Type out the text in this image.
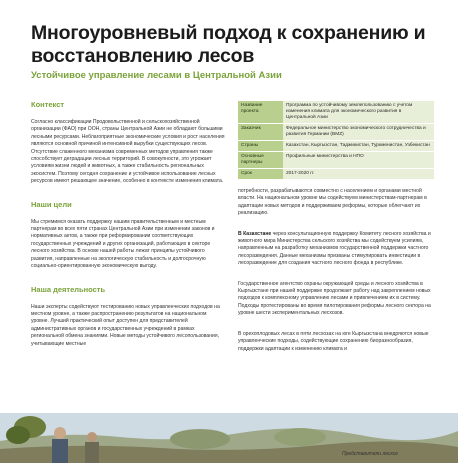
Многоуровневый подход к сохранению и восстановлению лесов
Устойчивое управление лесами в Центральной Азии
Контекст
Согласно классификации Продовольственной и сельскохозяйственной организации (ФАО) при ООН, страны Центральной Азии не обладают большими лесными ресурсами. Неблагоприятные экономические условия и рост населения являются основной причиной интенсивной вырубки существующих лесов. Отсутствие слаженного механизма современных методов управления также способствует деградации лесных территорий. В совокупности, это угрожает условиям жизни людей и животных, а также стабильность региональных экосистем. Поэтому сегодня сохранение и устойчивое использование лесных ресурсов имеют решающее значение, особенно в контексте изменения климата.
Наши цели
Мы стремимся оказать поддержку нашим правительственным и местным партнерам во всех пяти странах Центральной Азии при изменении законов и нормативных актов, а также при реформировании соответствующих государственных учреждений и других организаций, работающих в секторе лесного хозяйства. В основе нашей работы лежат принципы устойчивого развития, направленные на экологическую стабильность и долгосрочную социально-ориентированную экономическую выгоду.
Наша деятельность
Наши эксперты содействуют тестированию новых управленческих подходов на местном уровне, а также распространению результатов на национальном уровне. Лучший практический опыт доступен для представителей административных органов и государственных учреждений в рамках региональной обмена знаниями. Новые методы устойчивого лесопользования, учитывающие местные
Название проекта	Программа по устойчивому землепользованию с учетом изменения климата для экономического развития в Центральной Азии
Заказчик	Федеральное министерство экономического сотрудничества и развития Германии (BMZ)
Страны	Казахстан, Кыргызстан, Таджикистан, Туркменистан, Узбекистан
Основные партнеры	Профильные министерства и НПО
Срок	2017-2020 гг.

потребности, разрабатываются совместно с населением и органами местной власти. На национальном уровне мы содействуем министерствам-партнерам в адаптации новых методов и поддерживаем реформы, которые облегчают их реализацию.

В Казахстане через консультационную поддержку Комитету лесного хозяйства и животного мира Министерства сельского хозяйства мы содействуем усилиям, направленным на разработку механизмов государственной поддержки частного лесоразведения. Данные механизмы призваны стимулировать инвестиции в лесоразведение для создания частного лесного фонда в республике.

Государственное агентство охраны окружающей среды и лесного хозяйства в Кыргызстане при нашей поддержке продолжает работу над закреплением новых подходов к комплексному управлению лесами и привлечением их в систему. Подходы протестированы во время пилотирования реформы лесного сектора на уровне шести экспериментальных лесхозов.

В орехоплодовых лесах в пяти лесхозах на юге Кыргызстана внедряются новые управленческие подходы, содействующие сохранению биоразнообразия, поддержки адаптации к изменению климата и

Представители лесхоз
